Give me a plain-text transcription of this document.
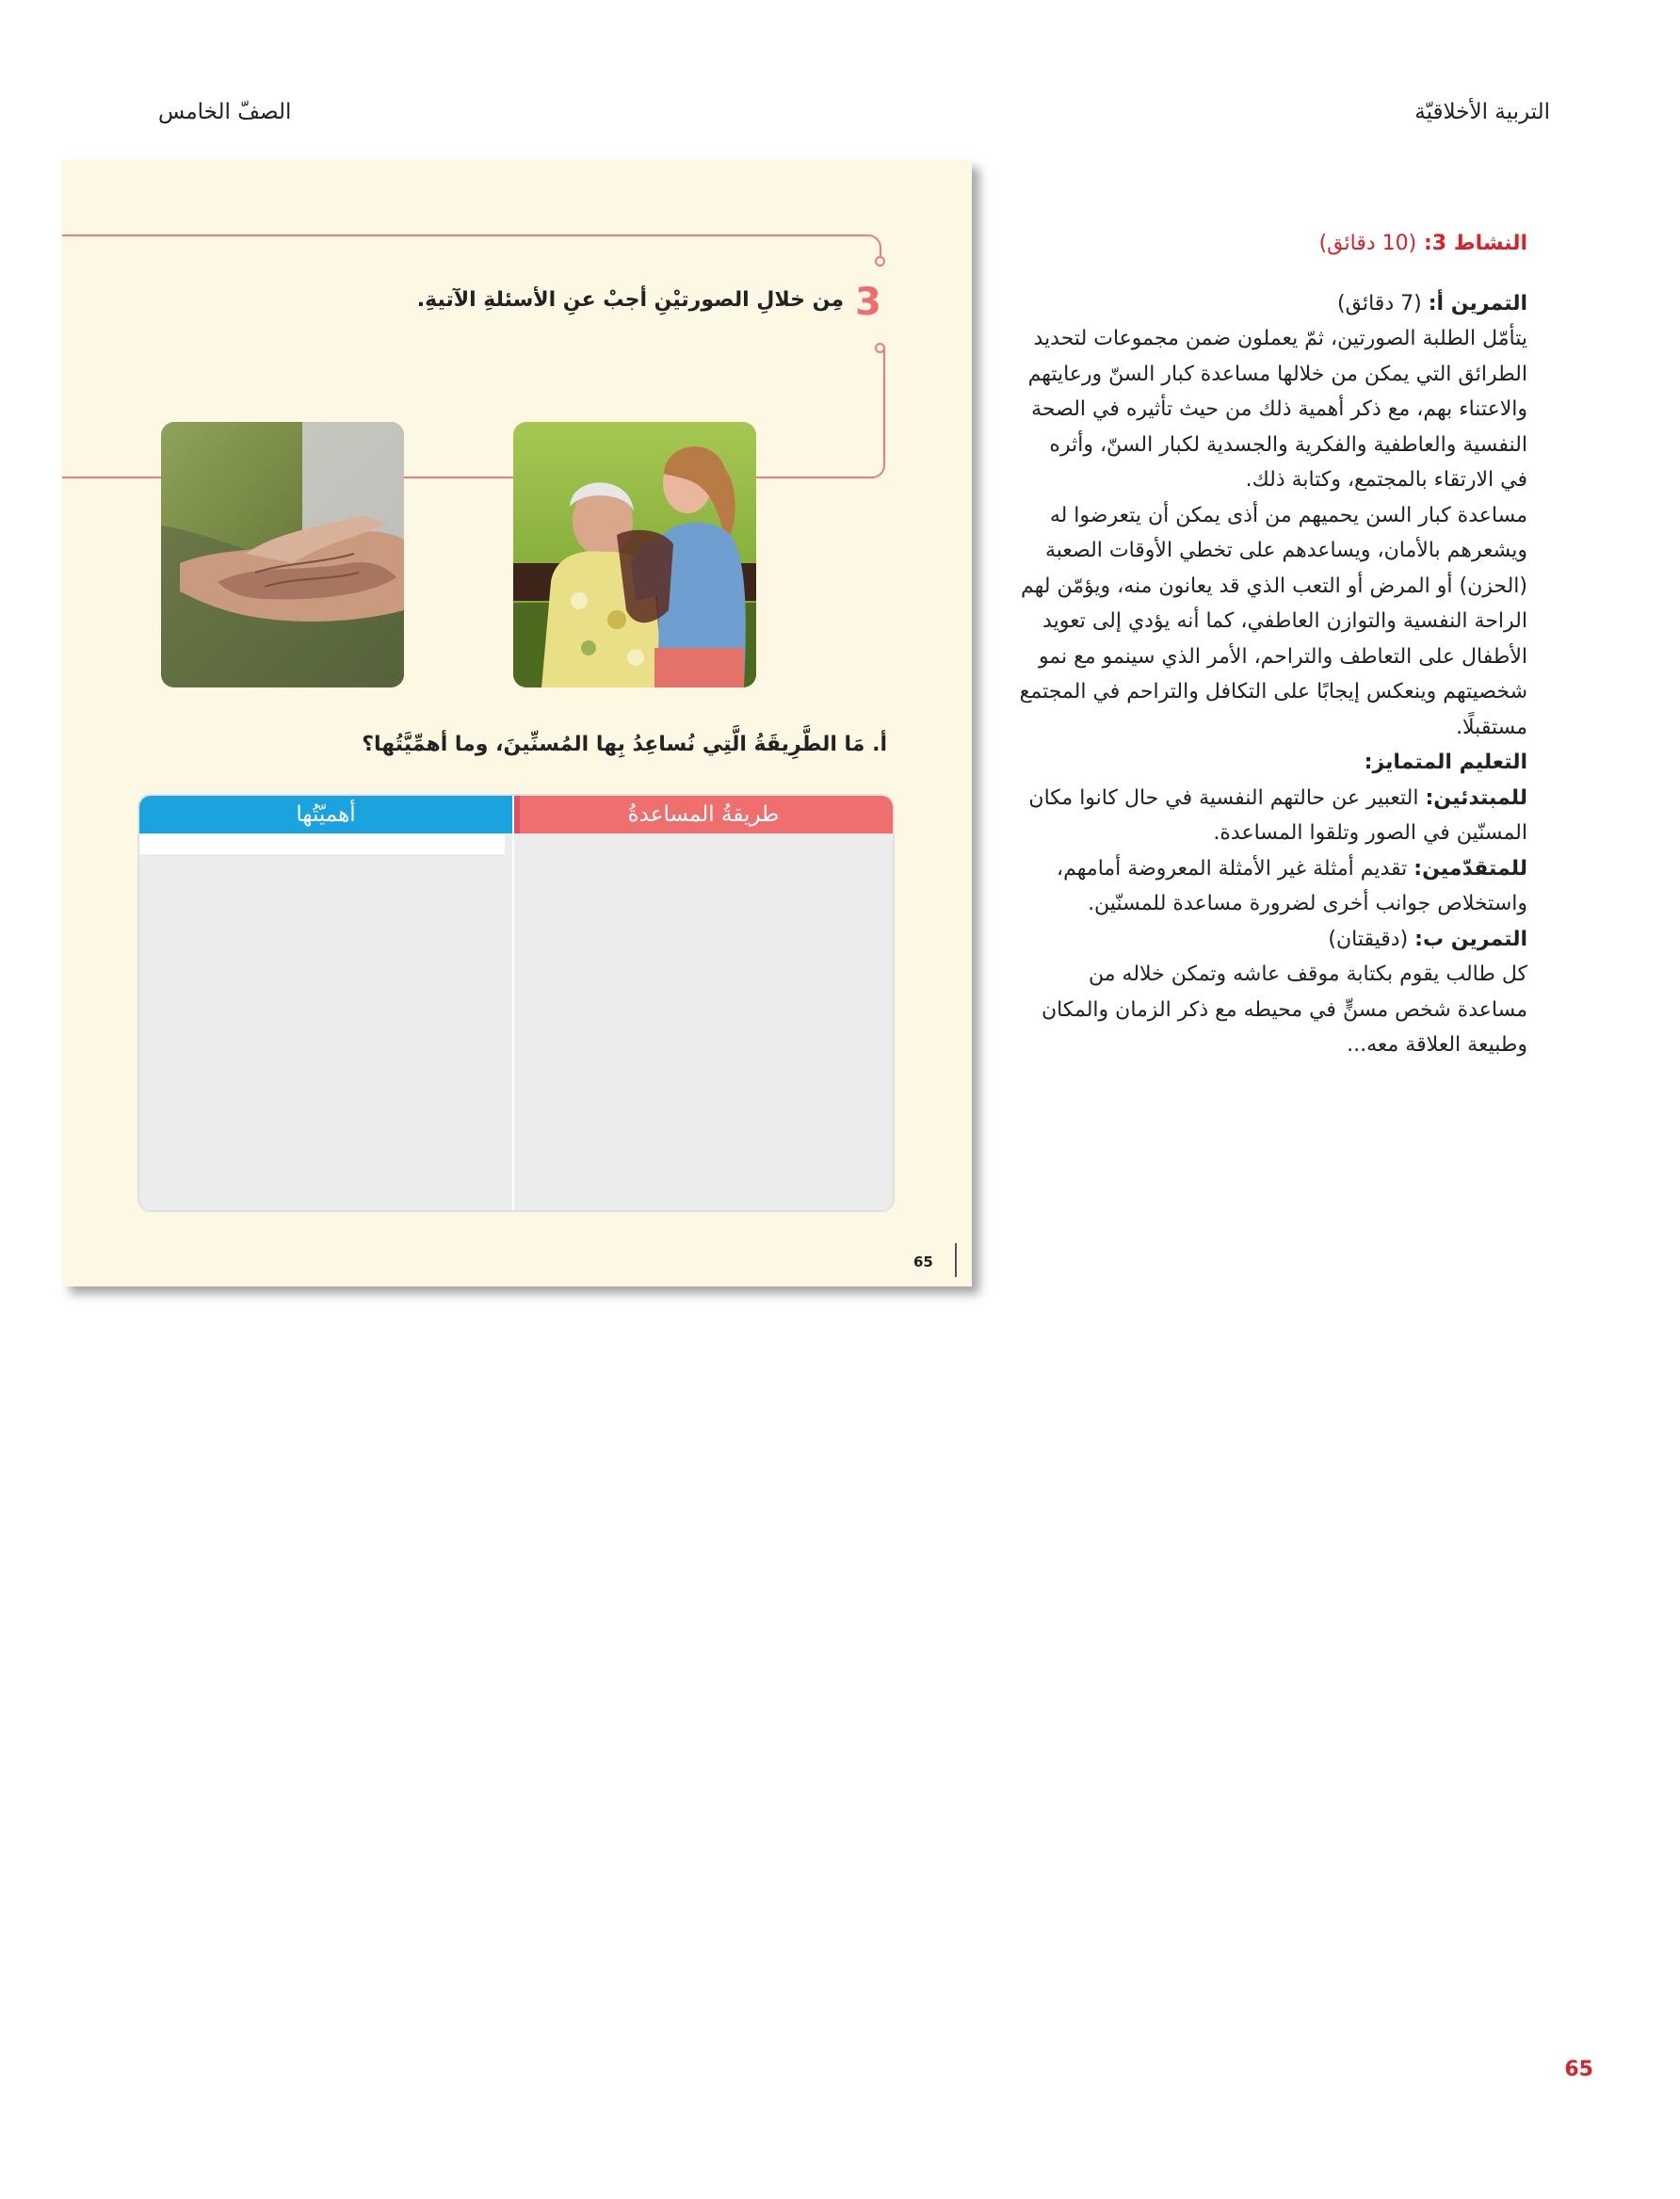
التربية الأخلاقيّة
الصفّ الخامس
3
مِن خلالِ الصورتيْنِ أجبْ عنِ الأسئلةِ الآتيةِ.
أ. مَا الطَّرِيقَةُ الَّتِي نُساعِدُ بِها المُسنِّينَ، وما أهمِّيَّتُها؟
أهميّتُها	طريقةُ المساعدةُ
65

النشاط 3: (10 دقائق)

التمرين أ: (7 دقائق)

يتأمّل الطلبة الصورتين، ثمّ يعملون ضمن مجموعات لتحديد الطرائق التي يمكن من خلالها مساعدة كبار السنّ ورعايتهم والاعتناء بهم، مع ذكر أهمية ذلك من حيث تأثيره في الصحة النفسية والعاطفية والفكرية والجسدية لكبار السنّ، وأثره في الارتقاء بالمجتمع، وكتابة ذلك.

مساعدة كبار السن يحميهم من أذى يمكن أن يتعرضوا له ويشعرهم بالأمان، ويساعدهم على تخطي الأوقات الصعبة (الحزن) أو المرض أو التعب الذي قد يعانون منه، ويؤمّن لهم الراحة النفسية والتوازن العاطفي، كما أنه يؤدي إلى تعويد الأطفال على التعاطف والتراحم، الأمر الذي سينمو مع نمو شخصيتهم وينعكس إيجابًا على التكافل والتراحم في المجتمع مستقبلًا.

التعليم المتمايز:

للمبتدئين: التعبير عن حالتهم النفسية في حال كانوا مكان المسنّين في الصور وتلقوا المساعدة.

للمتقدّمين: تقديم أمثلة غير الأمثلة المعروضة أمامهم، واستخلاص جوانب أخرى لضرورة مساعدة للمسنّين.

التمرين ب: (دقيقتان)

كل طالب يقوم بكتابة موقف عاشه وتمكن خلاله من مساعدة شخص مسنٍّ في محيطه مع ذكر الزمان والمكان وطبيعة العلاقة معه...

65
